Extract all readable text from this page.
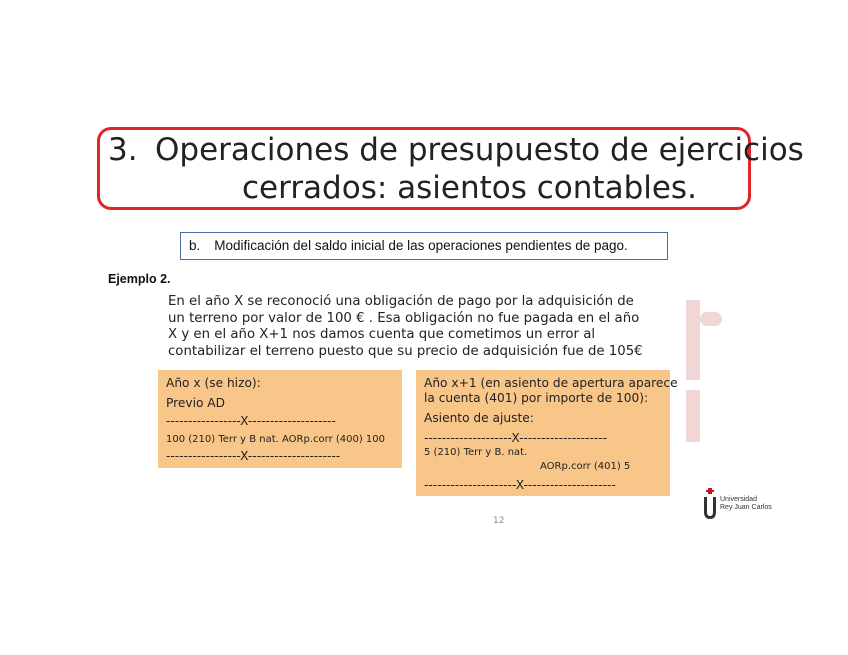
3. Operaciones de presupuesto de ejercicios
cerrados: asientos contables.
b. Modificación del saldo inicial de las operaciones pendientes de pago.
Ejemplo 2.
En el año X se reconoció una obligación de pago por la adquisición de
un terreno por valor de 100 € . Esa obligación no fue pagada en el año
X y en el año X+1 nos damos cuenta que cometimos un error al
contabilizar el terreno puesto que su precio de adquisición fue de 105€
Año x (se hizo):
Previo AD
-----------------X--------------------
100 (210) Terr y B nat. AORp.corr (400) 100
-----------------X---------------------
Año x+1 (en asiento de apertura aparece
la cuenta (401) por importe de 100):
Asiento de ajuste:
--------------------X--------------------
5 (210) Terr y B. nat.
AORp.corr (401) 5
---------------------X---------------------
12
Universidad
Rey Juan Carlos
